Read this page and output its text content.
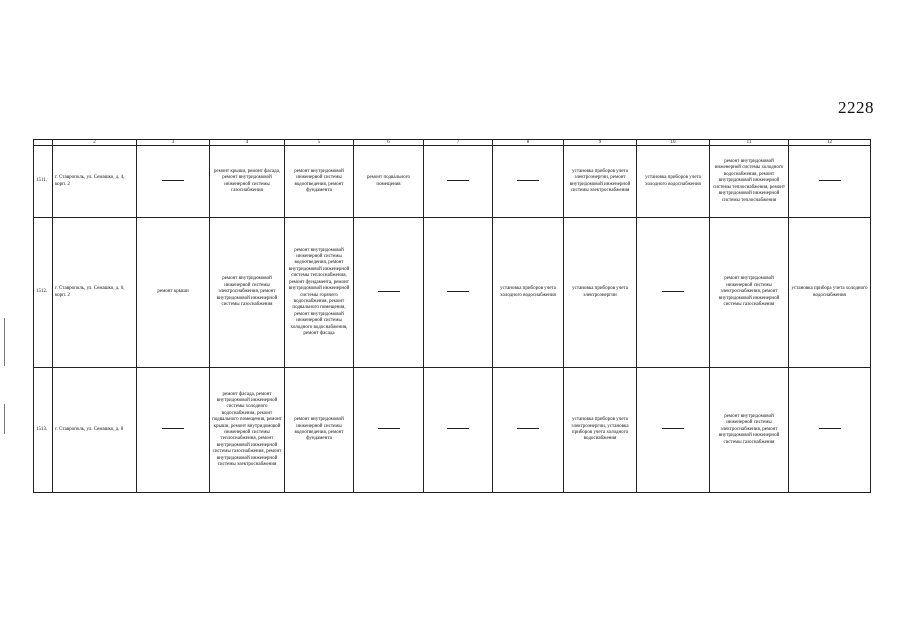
2228
	2	3	4	5	6	7	8	9	10	11	12
1511.	г. Ставрополь, ул. Семашко, д. 4, корп. 2		ремонт крыши, ремонт фасада, ремонт внутридомовой инженерной системы газоснабжения	ремонт внутридомовой инженерной системы водоотведения, ремонт фундамента	ремонт подвального помещения			установка приборов учета электроэнергии, ремонт внутридомовой инженерной системы электроснабжения	установка приборов учета холодного водоснабжения	ремонт внутридомовой инженерной системы холодного водоснабжения, ремонт внутридомовой инженерной системы теплоснабжения, ремонт внутридомовой инженерной системы теплоснабжения	
1512.	г. Ставрополь, ул. Семашко, д. 6, корп. 2	ремонт крыши	ремонт внутридомовой инженерной системы электроснабжения, ремонт внутридомовой инженерной системы газоснабжения	ремонт внутридомовой инженерной системы водоотведения, ремонт внутридомовой инженерной системы теплоснабжения, ремонт фундамента, ремонт внутридомовой инженерной системы горячего водоснабжения, ремонт подвального помещения, ремонт внутридомовой инженерной системы холодного водоснабжения, ремонт фасада			установка приборов учета холодного водоснабжения	установка приборов учета электроэнергии		ремонт внутридомовой инженерной системы электроснабжения, ремонт внутридомовой инженерной системы газоснабжения	установка прибора учета холодного водоснабжения
1513.	г. Ставрополь, ул. Семашко, д. 8		ремонт фасада, ремонт внутридомовой инженерной системы холодного водоснабжения, ремонт подвального помещения, ремонт крыши, ремонт внутридомовой инженерной системы теплоснабжения, ремонт внутридомовой инженерной системы газоснабжения, ремонт внутридомовой инженерной системы электроснабжения	ремонт внутридомовой инженерной системы водоотведения, ремонт фундамента				установка приборов учета электроэнергии, установка приборов учета холодного водоснабжения		ремонт внутридомовой инженерной системы электроснабжения, ремонт внутридомовой инженерной системы газоснабжения	
